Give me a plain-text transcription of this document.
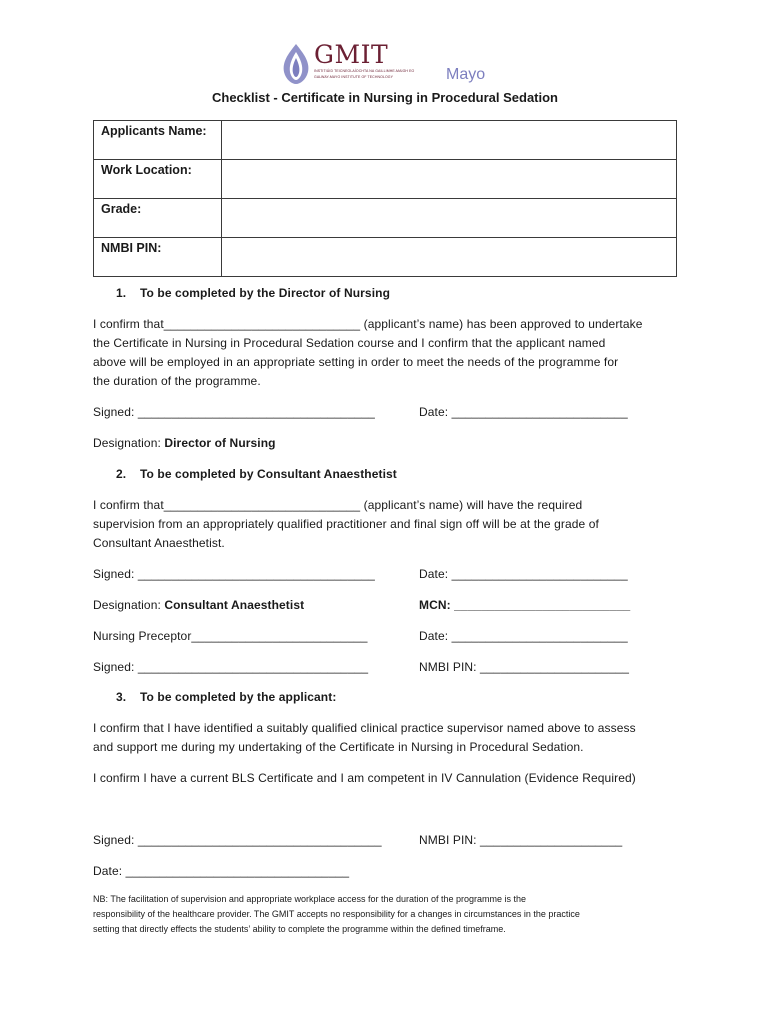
GMIT
INSTITIÚID TEICNEOLAÍOCHTA NA GAILLIMHE-MAIGH EO
GALWAY-MAYO INSTITUTE OF TECHNOLOGY	Mayo
Checklist - Certificate in Nursing in Procedural Sedation
Applicants Name:	
Work Location:	
Grade:	
NMBI PIN:	
1. To be completed by the Director of Nursing
I confirm that_____________________________ (applicant’s name) has been approved to undertake
the Certificate in Nursing in Procedural Sedation course and I confirm that the applicant named
above will be employed in an appropriate setting in order to meet the needs of the programme for
the duration of the programme.
Signed: ___________________________________	Date: __________________________
Designation: Director of Nursing
2. To be completed by Consultant Anaesthetist
I confirm that_____________________________ (applicant’s name) will have the required
supervision from an appropriately qualified practitioner and final sign off will be at the grade of
Consultant Anaesthetist.
Signed: ___________________________________	Date: __________________________
Designation: Consultant Anaesthetist	MCN: __________________________
Nursing Preceptor__________________________	Date: __________________________
Signed: __________________________________	NMBI PIN: ______________________
3. To be completed by the applicant:
I confirm that I have identified a suitably qualified clinical practice supervisor named above to assess
and support me during my undertaking of the Certificate in Nursing in Procedural Sedation.
I confirm I have a current BLS Certificate and I am competent in IV Cannulation (Evidence Required)
Signed: ____________________________________	NMBI PIN: _____________________
Date: _________________________________
NB: The facilitation of supervision and appropriate workplace access for the duration of the programme is the
responsibility of the healthcare provider. The GMIT accepts no responsibility for a changes in circumstances in the practice
setting that directly effects the students’ ability to complete the programme within the defined timeframe.
